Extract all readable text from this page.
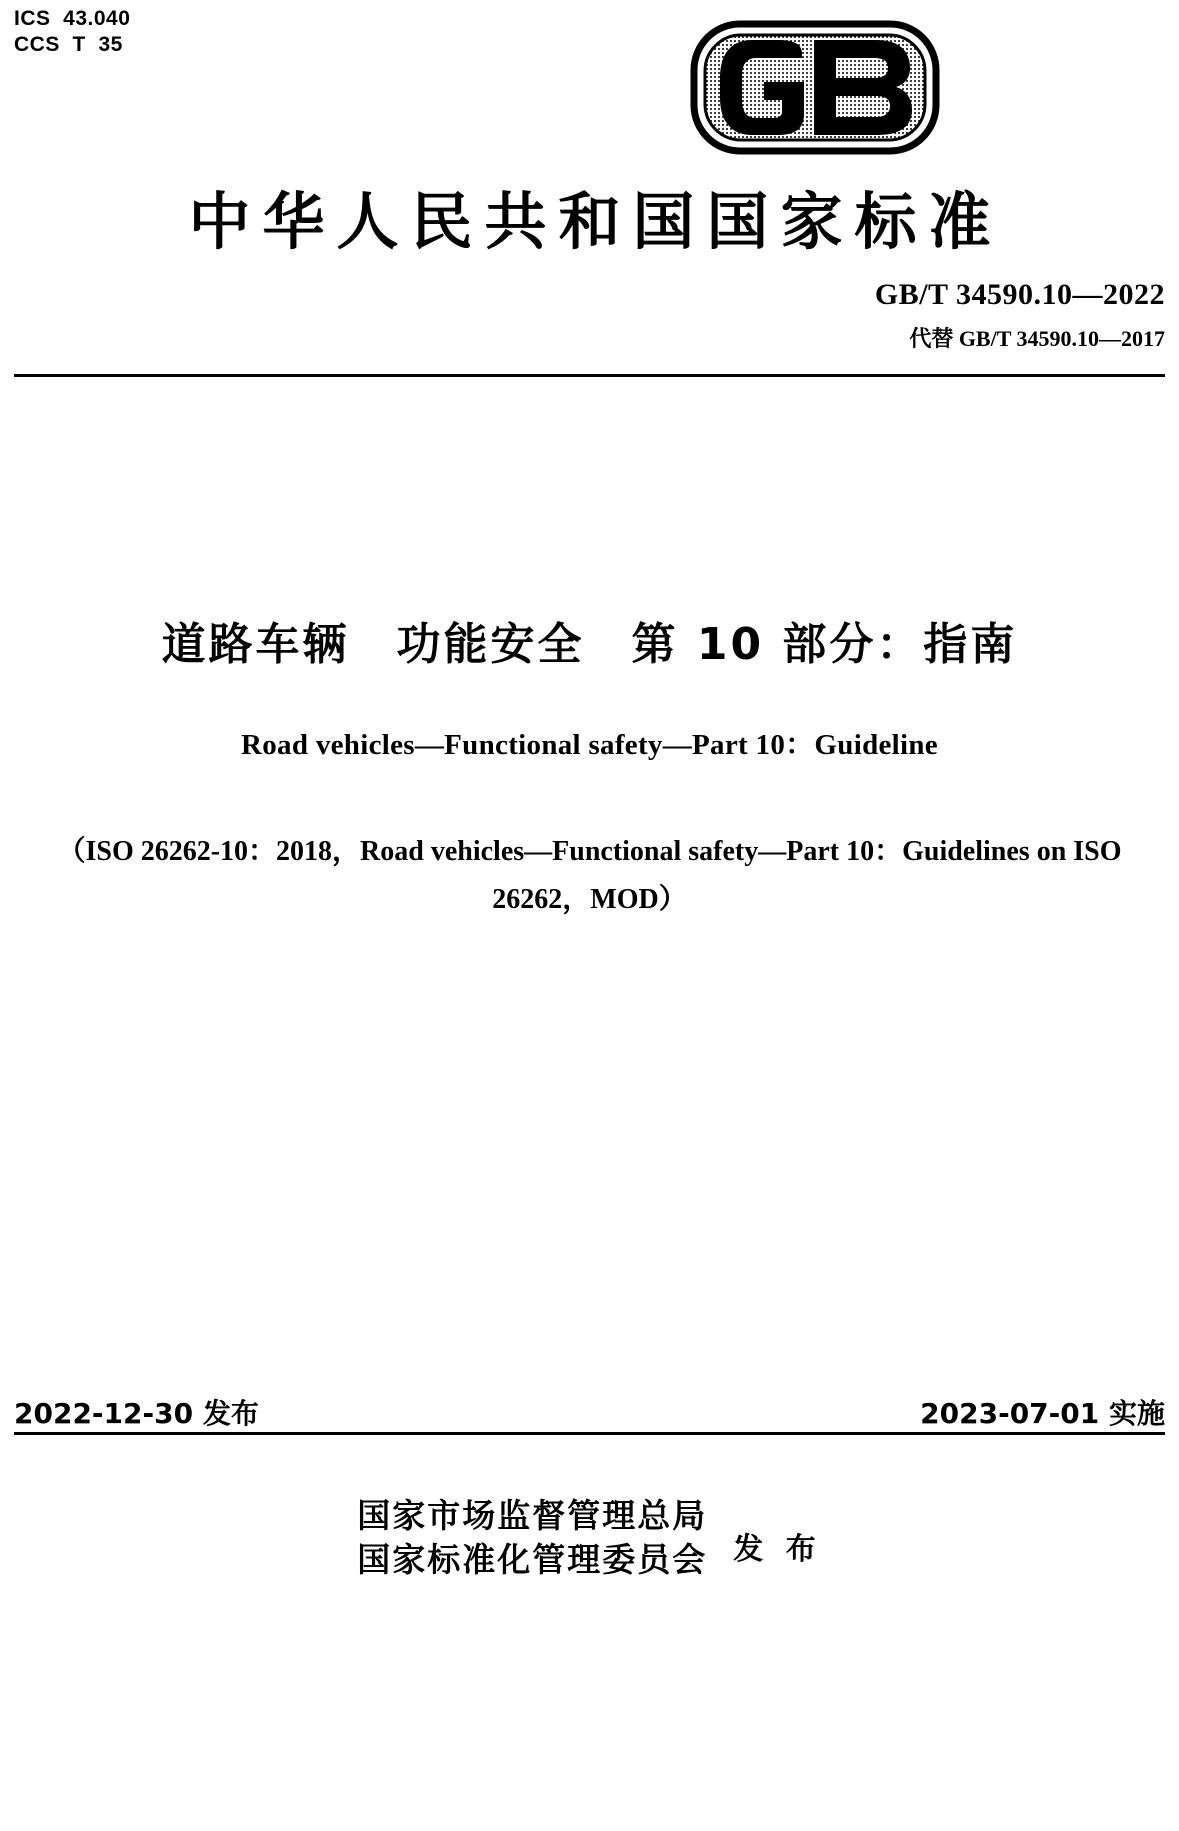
ICS  43.040
CCS  T  35
中华人民共和国国家标准
GB/T 34590.10—2022
代替 GB/T 34590.10—2017
道路车辆　功能安全　第 10 部分：指南
Road vehicles—Functional safety—Part 10：Guideline
（ISO 26262-10：2018，Road vehicles—Functional safety—Part 10：Guidelines on ISO 26262，MOD）
2022-12-30 发布	2023-07-01 实施
国家市场监督管理总局
国家标准化管理委员会 发 布
